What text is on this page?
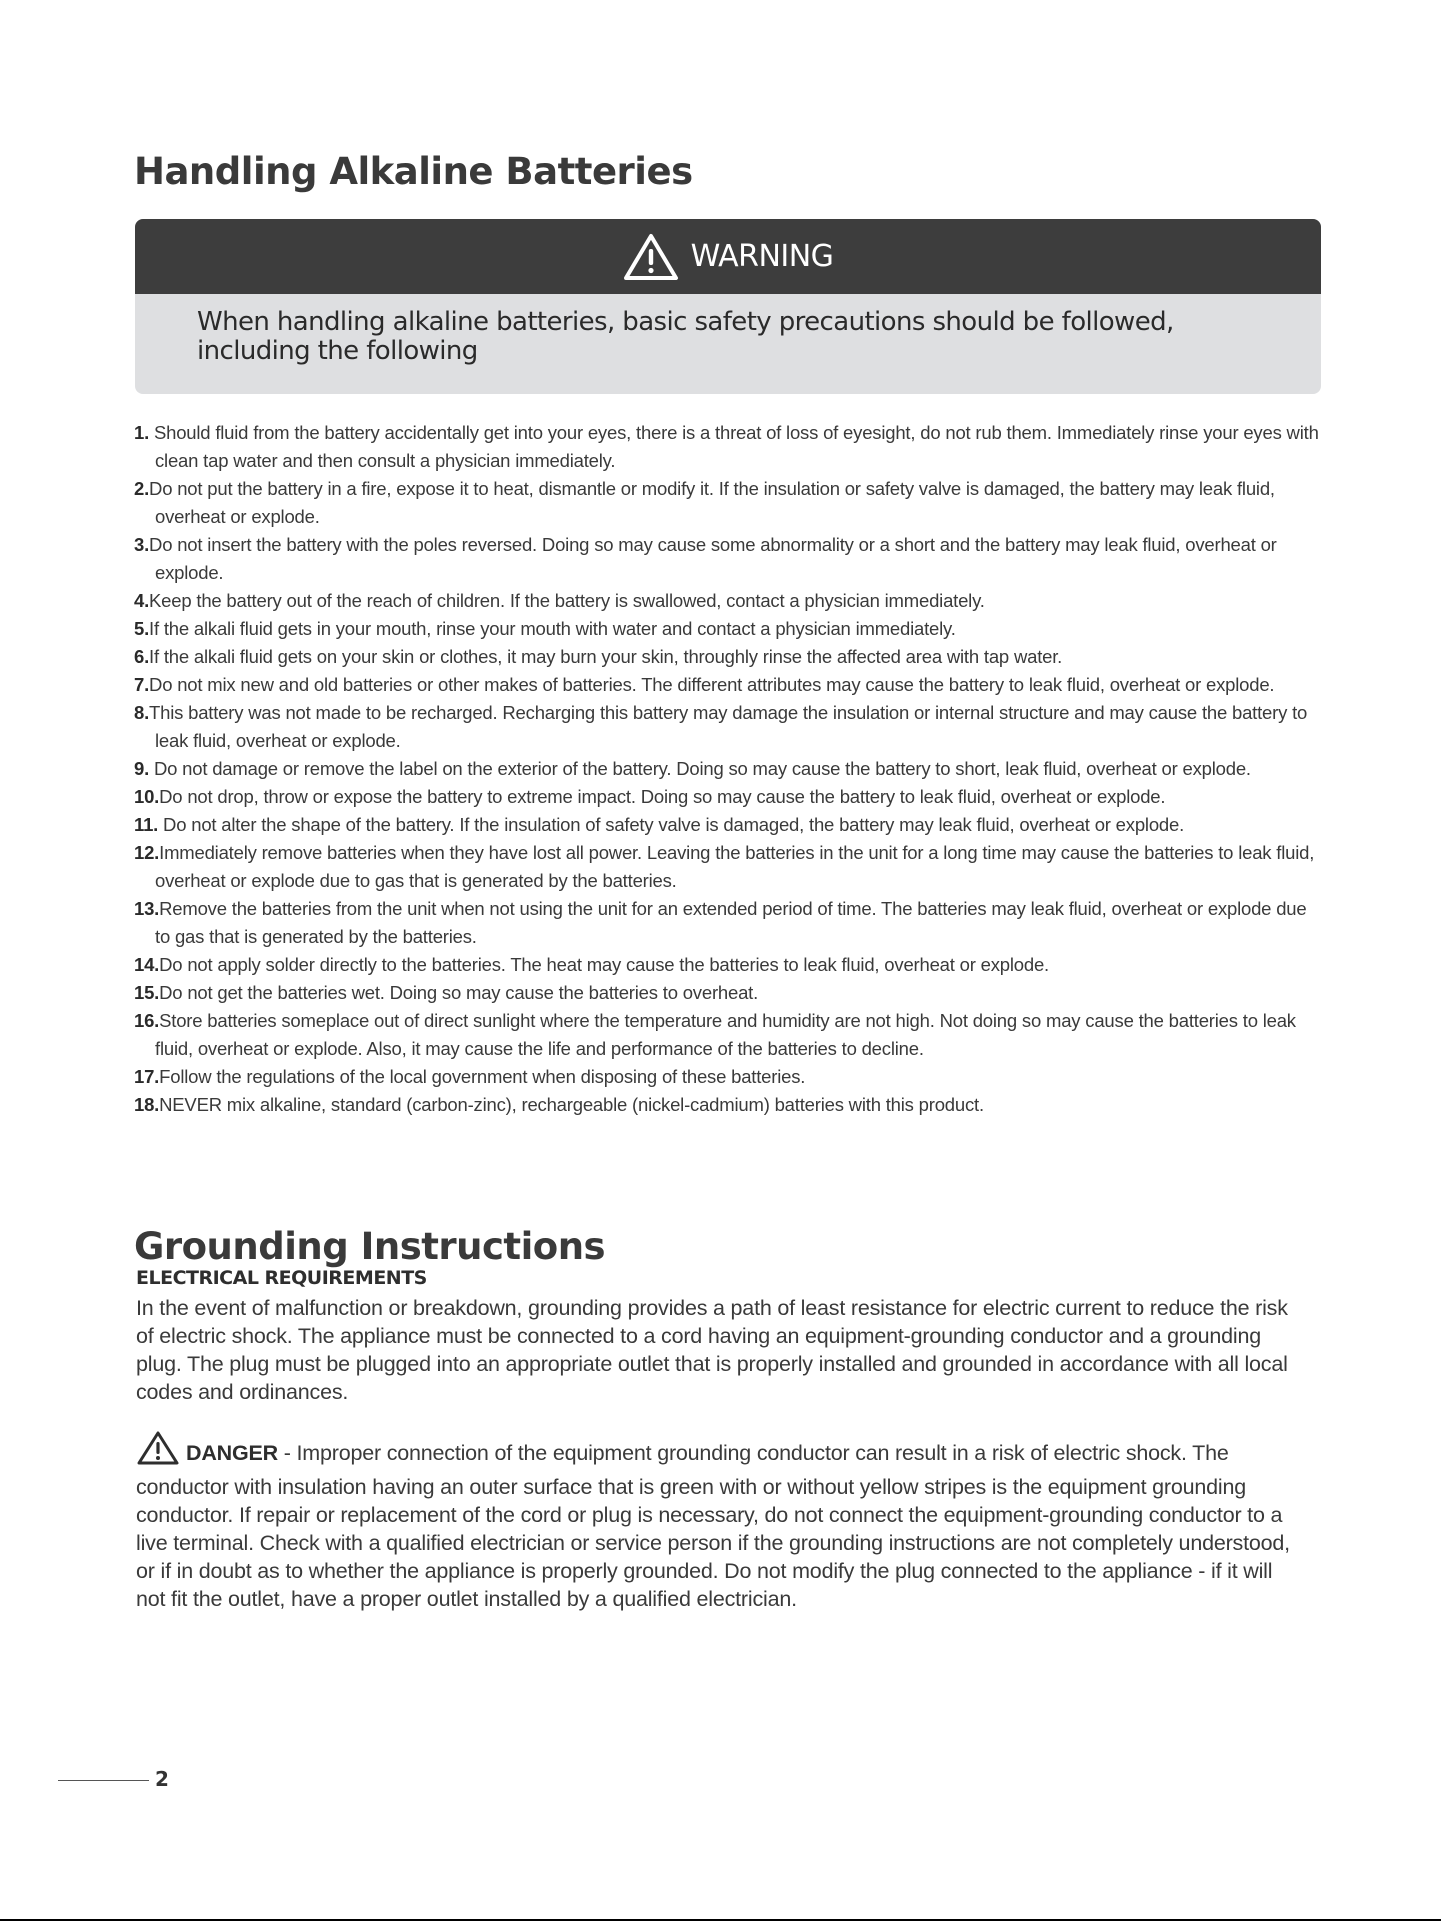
Handling Alkaline Batteries
WARNING
When handling alkaline batteries, basic safety precautions should be followed, including the following
1. Should fluid from the battery accidentally get into your eyes, there is a threat of loss of eyesight, do not rub them. Immediately rinse your eyes with clean tap water and then consult a physician immediately.
2.Do not put the battery in a fire, expose it to heat, dismantle or modify it. If the insulation or safety valve is damaged, the battery may leak fluid, overheat or explode.
3.Do not insert the battery with the poles reversed. Doing so may cause some abnormality or a short and the battery may leak fluid, overheat or explode.
4.Keep the battery out of the reach of children. If the battery is swallowed, contact a physician immediately.
5.If the alkali fluid gets in your mouth, rinse your mouth with water and contact a physician immediately.
6.If the alkali fluid gets on your skin or clothes, it may burn your skin, throughly rinse the affected area with tap water.
7.Do not mix new and old batteries or other makes of batteries. The different attributes may cause the battery to leak fluid, overheat or explode.
8.This battery was not made to be recharged. Recharging this battery may damage the insulation or internal structure and may cause the battery to leak fluid, overheat or explode.
9. Do not damage or remove the label on the exterior of the battery. Doing so may cause the battery to short, leak fluid, overheat or explode.
10.Do not drop, throw or expose the battery to extreme impact. Doing so may cause the battery to leak fluid, overheat or explode.
11. Do not alter the shape of the battery. If the insulation of safety valve is damaged, the battery may leak fluid, overheat or explode.
12.Immediately remove batteries when they have lost all power. Leaving the batteries in the unit for a long time may cause the batteries to leak fluid, overheat or explode due to gas that is generated by the batteries.
13.Remove the batteries from the unit when not using the unit for an extended period of time. The batteries may leak fluid, overheat or explode due to gas that is generated by the batteries.
14.Do not apply solder directly to the batteries. The heat may cause the batteries to leak fluid, overheat or explode.
15.Do not get the batteries wet. Doing so may cause the batteries to overheat.
16.Store batteries someplace out of direct sunlight where the temperature and humidity are not high. Not doing so may cause the batteries to leak fluid, overheat or explode. Also, it may cause the life and performance of the batteries to decline.
17.Follow the regulations of the local government when disposing of these batteries.
18.NEVER mix alkaline, standard (carbon-zinc), rechargeable (nickel-cadmium) batteries with this product.
Grounding Instructions
ELECTRICAL REQUIREMENTS

In the event of malfunction or breakdown, grounding provides a path of least resistance for electric current to reduce the risk of electric shock. The appliance must be connected to a cord having an equipment-grounding conductor and a grounding plug. The plug must be plugged into an appropriate outlet that is properly installed and grounded in accordance with all local codes and ordinances.

DANGER - Improper connection of the equipment grounding conductor can result in a risk of electric shock. The conductor with insulation having an outer surface that is green with or without yellow stripes is the equipment grounding conductor. If repair or replacement of the cord or plug is necessary, do not connect the equipment-grounding conductor to a live terminal. Check with a qualified electrician or service person if the grounding instructions are not completely understood, or if in doubt as to whether the appliance is properly grounded. Do not modify the plug connected to the appliance - if it will not fit the outlet, have a proper outlet installed by a qualified electrician.

2
